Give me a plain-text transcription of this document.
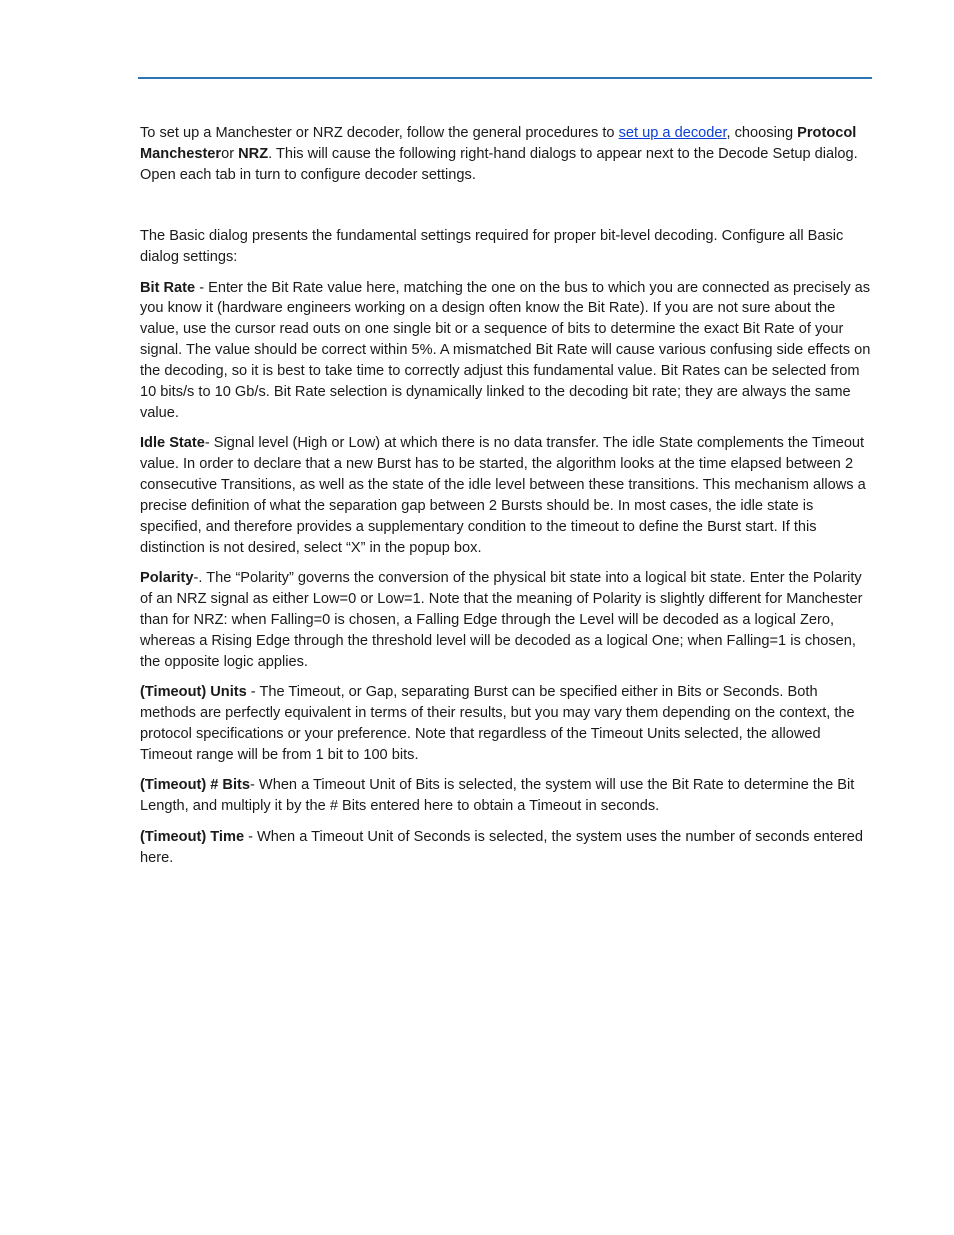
To set up a Manchester or NRZ decoder, follow the general procedures to set up a decoder, choosing Protocol Manchesteror NRZ. This will cause the following right-hand dialogs to appear next to the Decode Setup dialog. Open each tab in turn to configure decoder settings.

The Basic dialog presents the fundamental settings required for proper bit-level decoding. Configure all Basic dialog settings:

Bit Rate - Enter the Bit Rate value here, matching the one on the bus to which you are connected as precisely as you know it (hardware engineers working on a design often know the Bit Rate). If you are not sure about the value, use the cursor read outs on one single bit or a sequence of bits to determine the exact Bit Rate of your signal. The value should be correct within 5%. A mismatched Bit Rate will cause various confusing side effects on the decoding, so it is best to take time to correctly adjust this fundamental value. Bit Rates can be selected from 10 bits/s to 10 Gb/s. Bit Rate selection is dynamically linked to the decoding bit rate; they are always the same value.

Idle State- Signal level (High or Low) at which there is no data transfer. The idle State complements the Timeout value. In order to declare that a new Burst has to be started, the algorithm looks at the time elapsed between 2 consecutive Transitions, as well as the state of the idle level between these transitions. This mechanism allows a precise definition of what the separation gap between 2 Bursts should be. In most cases, the idle state is specified, and therefore provides a supplementary condition to the timeout to define the Burst start. If this distinction is not desired, select “X” in the popup box.

Polarity-. The “Polarity” governs the conversion of the physical bit state into a logical bit state. Enter the Polarity of an NRZ signal as either Low=0 or Low=1. Note that the meaning of Polarity is slightly different for Manchester than for NRZ: when Falling=0 is chosen, a Falling Edge through the Level will be decoded as a logical Zero, whereas a Rising Edge through the threshold level will be decoded as a logical One; when Falling=1 is chosen, the opposite logic applies.

(Timeout) Units - The Timeout, or Gap, separating Burst can be specified either in Bits or Seconds. Both methods are perfectly equivalent in terms of their results, but you may vary them depending on the context, the protocol specifications or your preference. Note that regardless of the Timeout Units selected, the allowed Timeout range will be from 1 bit to 100 bits.

(Timeout) # Bits- When a Timeout Unit of Bits is selected, the system will use the Bit Rate to determine the Bit Length, and multiply it by the # Bits entered here to obtain a Timeout in seconds.

(Timeout) Time - When a Timeout Unit of Seconds is selected, the system uses the number of seconds entered here.
